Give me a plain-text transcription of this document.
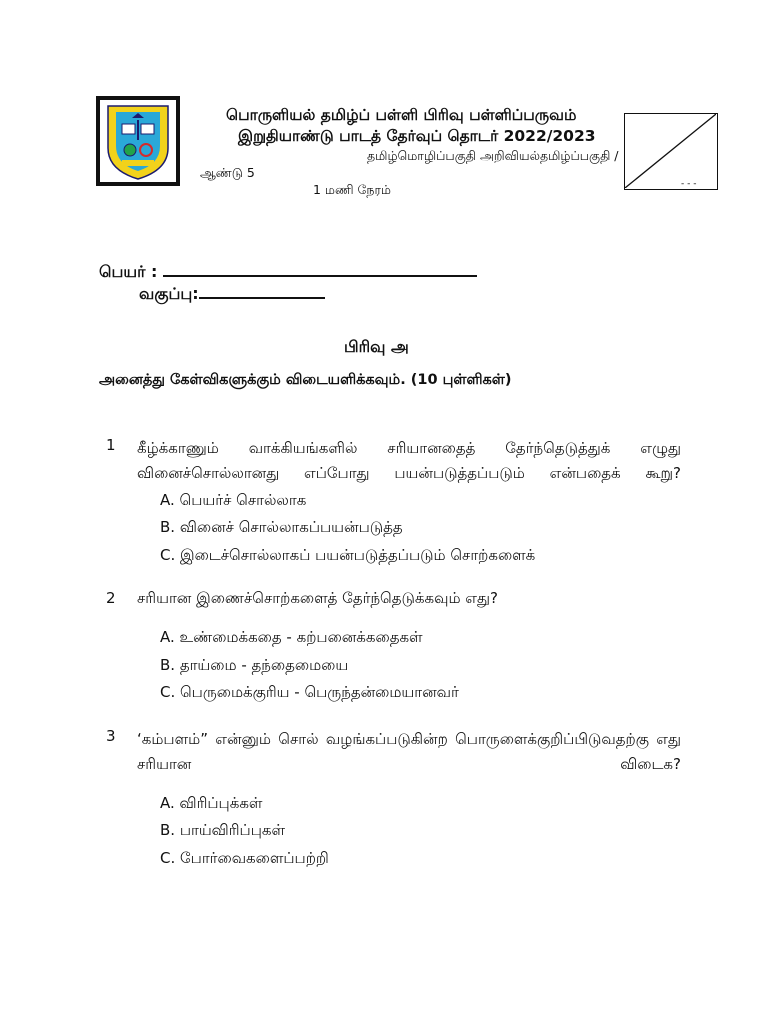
பொருளியல் தமிழ்ப் பள்ளி பிரிவு பள்ளிப்பருவம்
இறுதியாண்டு பாடத் தேர்வுப் தொடர் 2022/2023
தமிழ்மொழிப்பகுதி அறிவியல்தமிழ்ப்பகுதி /
ஆண்டு 5
1 மணி நேரம்	- - -
பெயர் :
வகுப்பு:
பிரிவு அ
அனைத்து கேள்விகளுக்கும் விடையளிக்கவும். (10 புள்ளிகள்)
1 கீழ்க்காணும் வாக்கியங்களில் சரியானதைத் தேர்ந்தெடுத்துக் எழுது வினைச்சொல்லானது எப்போது பயன்படுத்தப்படும் என்பதைக் கூறு?
A. பெயர்ச் சொல்லாக
B. வினைச் சொல்லாகப்பயன்படுத்த
C. இடைச்சொல்லாகப் பயன்படுத்தப்படும் சொற்களைக்
2 சரியான இணைச்சொற்களைத் தேர்ந்தெடுக்கவும் எது?
A. உண்மைக்கதை - கற்பனைக்கதைகள்
B. தாய்மை - தந்தைமையை
C. பெருமைக்குரிய - பெருந்தன்மையானவர்
3 ‘கம்பளம்” என்னும் சொல் வழங்கப்படுகின்ற பொருளைக்குறிப்பிடுவதற்கு எது சரியான விடைக?
A. விரிப்புக்கள்
B. பாய்விரிப்புகள்
C. போர்வைகளைப்பற்றி
